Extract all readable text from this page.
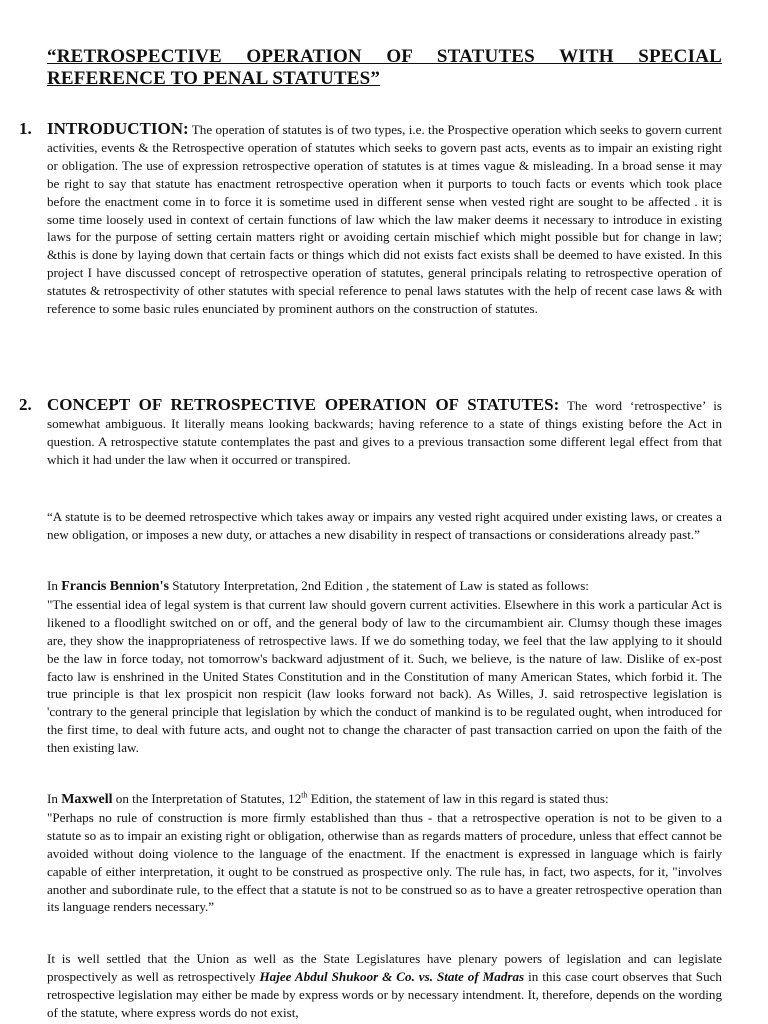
“RETROSPECTIVE OPERATION OF STATUTES WITH SPECIAL
REFERENCE TO PENAL STATUTES”
1. INTRODUCTION: The operation of statutes is of two types, i.e. the Prospective operation which seeks to govern current activities, events & the Retrospective operation of statutes which seeks to govern past acts, events as to impair an existing right or obligation. The use of expression retrospective operation of statutes is at times vague & misleading. In a broad sense it may be right to say that statute has enactment retrospective operation when it purports to touch facts or events which took place before the enactment come in to force it is sometime used in different sense when vested right are sought to be affected . it is some time loosely used in context of certain functions of law which the law maker deems it necessary to introduce in existing laws for the purpose of setting certain matters right or avoiding certain mischief which might possible but for change in law; &this is done by laying down that certain facts or things which did not exists fact exists shall be deemed to have existed. In this project I have discussed concept of retrospective operation of statutes, general principals relating to retrospective operation of statutes & retrospectivity of other statutes with special reference to penal laws statutes with the help of recent case laws & with reference to some basic rules enunciated by prominent authors on the construction of statutes.
2. CONCEPT OF RETROSPECTIVE OPERATION OF STATUTES: The word ‘retrospective’ is somewhat ambiguous. It literally means looking backwards; having reference to a state of things existing before the Act in question. A retrospective statute contemplates the past and gives to a previous transaction some different legal effect from that which it had under the law when it occurred or transpired.
“A statute is to be deemed retrospective which takes away or impairs any vested right acquired under existing laws, or creates a new obligation, or imposes a new duty, or attaches a new disability in respect of transactions or considerations already past.”
In Francis Bennion's Statutory Interpretation, 2nd Edition , the statement of Law is stated as follows:
"The essential idea of legal system is that current law should govern current activities. Elsewhere in this work a particular Act is likened to a floodlight switched on or off, and the general body of law to the circumambient air. Clumsy though these images are, they show the inappropriateness of retrospective laws. If we do something today, we feel that the law applying to it should be the law in force today, not tomorrow's backward adjustment of it. Such, we believe, is the nature of law. Dislike of ex-post facto law is enshrined in the United States Constitution and in the Constitution of many American States, which forbid it. The true principle is that lex prospicit non respicit (law looks forward not back). As Willes, J. said retrospective legislation is 'contrary to the general principle that legislation by which the conduct of mankind is to be regulated ought, when introduced for the first time, to deal with future acts, and ought not to change the character of past transaction carried on upon the faith of the then existing law.
In Maxwell on the Interpretation of Statutes, 12th Edition, the statement of law in this regard is stated thus:
"Perhaps no rule of construction is more firmly established than thus - that a retrospective operation is not to be given to a statute so as to impair an existing right or obligation, otherwise than as regards matters of procedure, unless that effect cannot be avoided without doing violence to the language of the enactment. If the enactment is expressed in language which is fairly capable of either interpretation, it ought to be construed as prospective only. The rule has, in fact, two aspects, for it, "involves another and subordinate rule, to the effect that a statute is not to be construed so as to have a greater retrospective operation than its language renders necessary.”
It is well settled that the Union as well as the State Legislatures have plenary powers of legislation and can legislate prospectively as well as retrospectively Hajee Abdul Shukoor & Co. vs. State of Madras in this case court observes that Such retrospective legislation may either be made by express words or by necessary intendment. It, therefore, depends on the wording of the statute, where express words do not exist,
